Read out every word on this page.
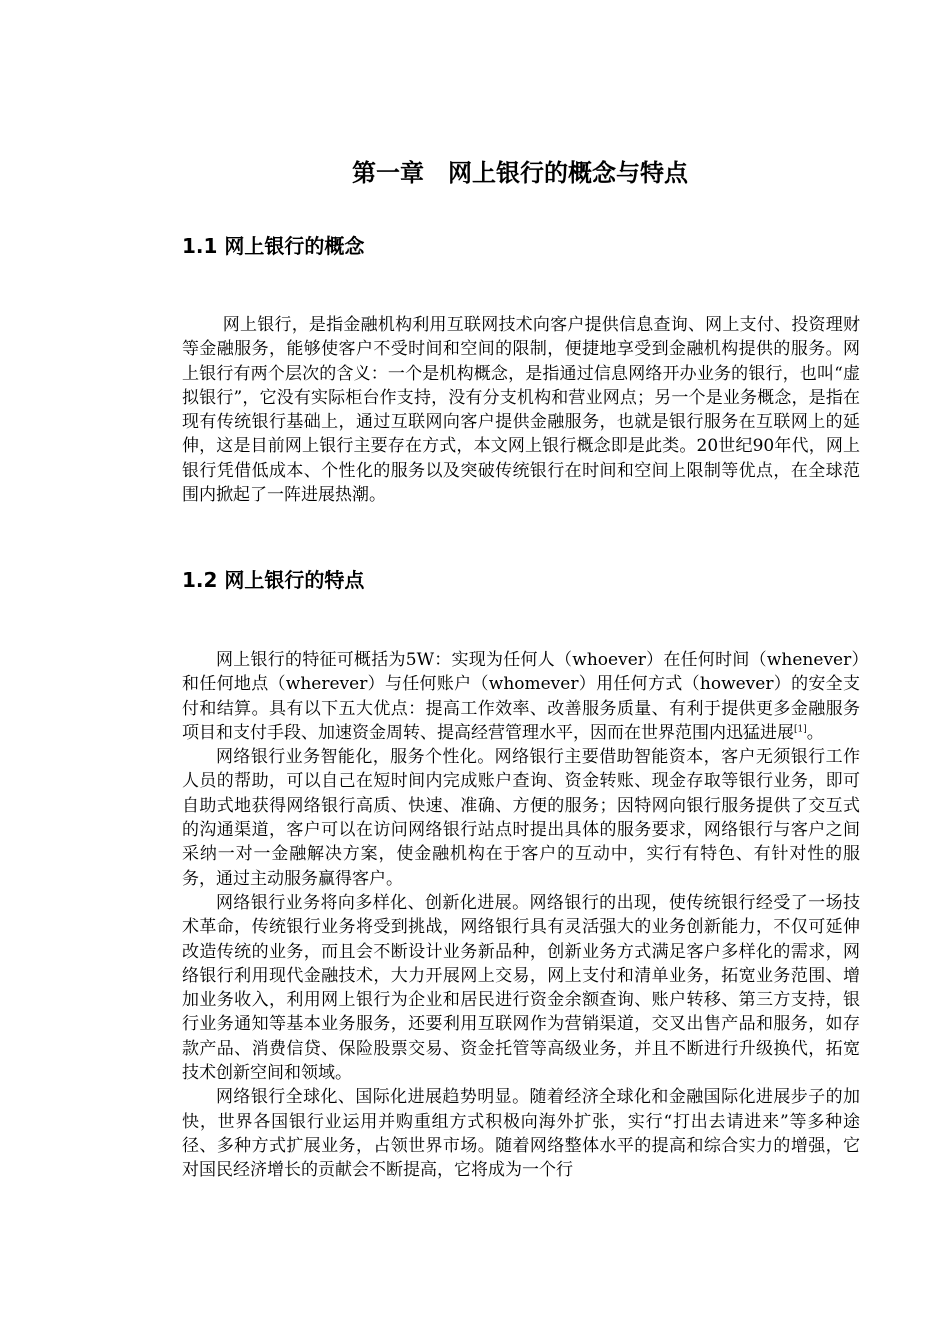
第一章　网上银行的概念与特点
1.1 网上银行的概念

网上银行，是指金融机构利用互联网技术向客户提供信息查询、网上支付、投资理财等金融服务，能够使客户不受时间和空间的限制，便捷地享受到金融机构提供的服务。网上银行有两个层次的含义：一个是机构概念，是指通过信息网络开办业务的银行，也叫“虚拟银行”，它没有实际柜台作支持，没有分支机构和营业网点；另一个是业务概念，是指在现有传统银行基础上，通过互联网向客户提供金融服务，也就是银行服务在互联网上的延伸，这是目前网上银行主要存在方式，本文网上银行概念即是此类。20世纪90年代，网上银行凭借低成本、个性化的服务以及突破传统银行在时间和空间上限制等优点，在全球范围内掀起了一阵进展热潮。

1.2 网上银行的特点

网上银行的特征可概括为5W：实现为任何人（whoever）在任何时间（whenever）和任何地点（wherever）与任何账户（whomever）用任何方式（however）的安全支付和结算。具有以下五大优点：提高工作效率、改善服务质量、有利于提供更多金融服务项目和支付手段、加速资金周转、提高经营管理水平，因而在世界范围内迅猛进展[1]。

网络银行业务智能化，服务个性化。网络银行主要借助智能资本，客户无须银行工作人员的帮助，可以自己在短时间内完成账户查询、资金转账、现金存取等银行业务，即可自助式地获得网络银行高质、快速、准确、方便的服务；因特网向银行服务提供了交互式的沟通渠道，客户可以在访问网络银行站点时提出具体的服务要求，网络银行与客户之间采纳一对一金融解决方案，使金融机构在于客户的互动中，实行有特色、有针对性的服务，通过主动服务赢得客户。

网络银行业务将向多样化、创新化进展。网络银行的出现，使传统银行经受了一场技术革命，传统银行业务将受到挑战，网络银行具有灵活强大的业务创新能力，不仅可延伸改造传统的业务，而且会不断设计业务新品种，创新业务方式满足客户多样化的需求，网络银行利用现代金融技术，大力开展网上交易，网上支付和清单业务，拓宽业务范围、增加业务收入，利用网上银行为企业和居民进行资金余额查询、账户转移、第三方支持，银行业务通知等基本业务服务，还要利用互联网作为营销渠道，交叉出售产品和服务，如存款产品、消费信贷、保险股票交易、资金托管等高级业务，并且不断进行升级换代，拓宽技术创新空间和领域。

网络银行全球化、国际化进展趋势明显。随着经济全球化和金融国际化进展步子的加快，世界各国银行业运用并购重组方式积极向海外扩张，实行“打出去请进来”等多种途径、多种方式扩展业务，占领世界市场。随着网络整体水平的提高和综合实力的增强，它对国民经济增长的贡献会不断提高，它将成为一个行
